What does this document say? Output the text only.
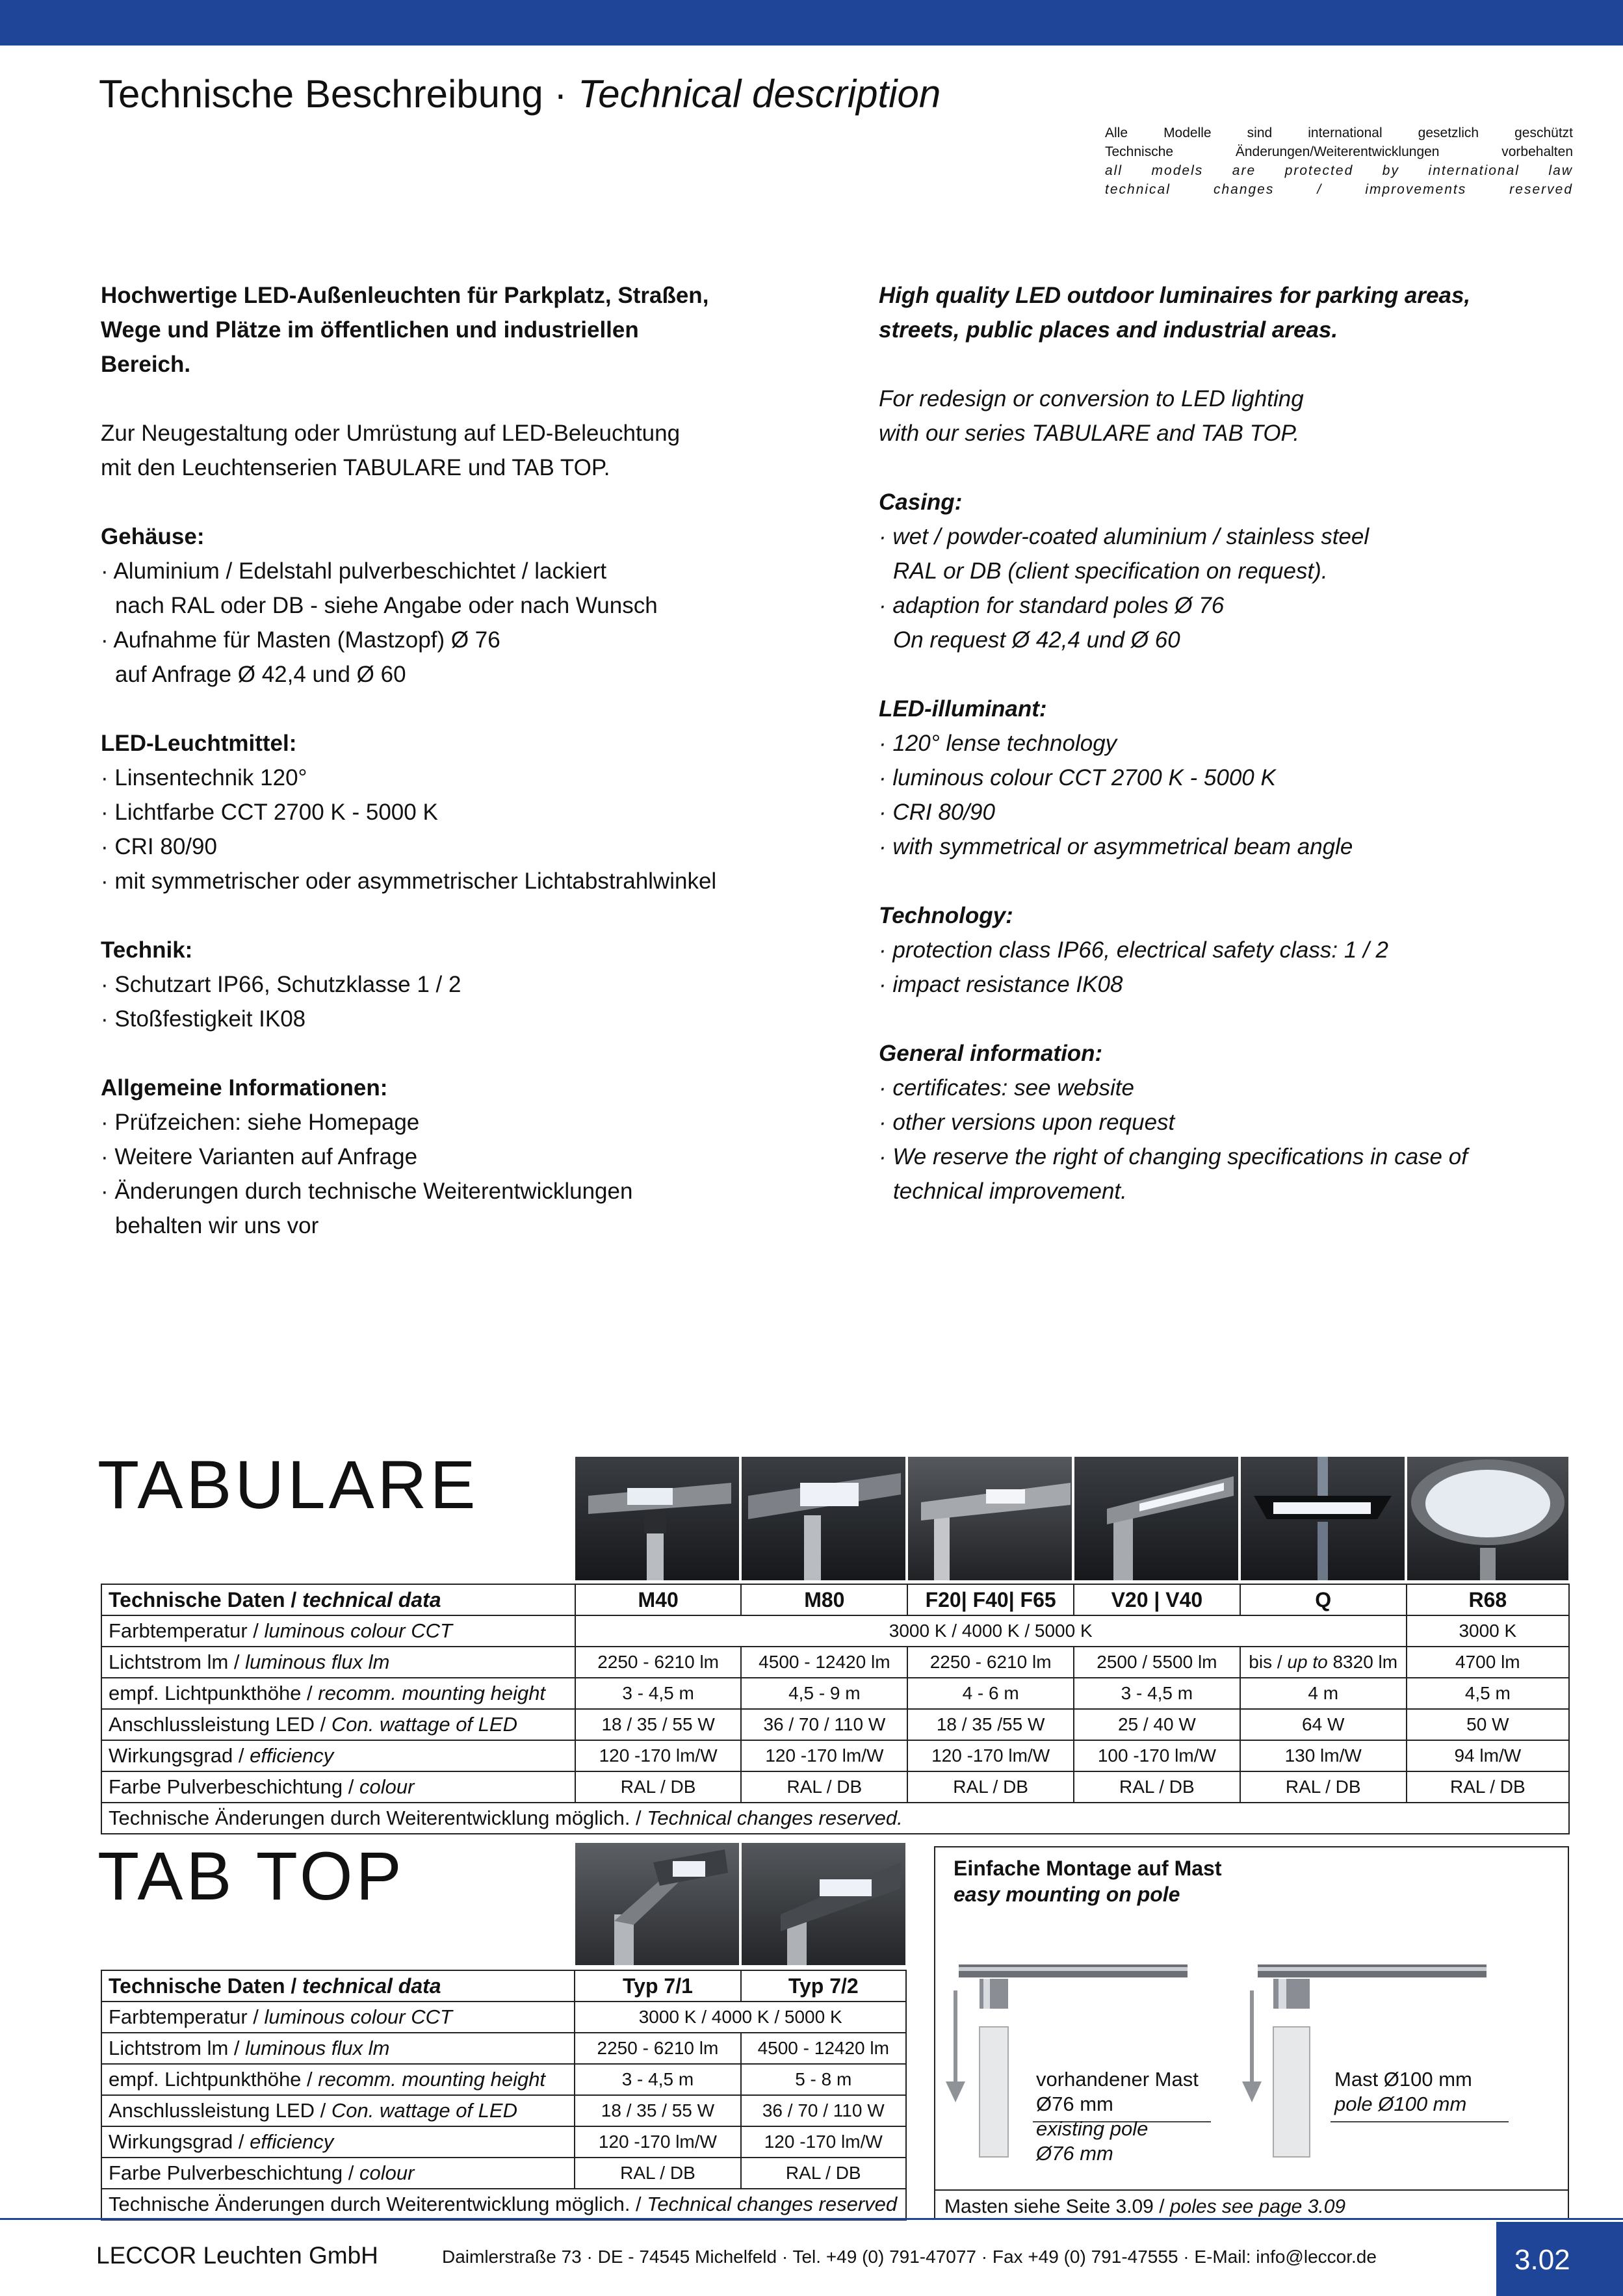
Technische Beschreibung · Technical description
Alle Modelle sind international gesetzlich geschützt
Technische Änderungen/Weiterentwicklungen vorbehalten
all models are protected by international law
technical changes / improvements reserved
Hochwertige LED-Außenleuchten für Parkplatz, Straßen,
Wege und Plätze im öffentlichen und industriellen
Bereich.
Zur Neugestaltung oder Umrüstung auf LED-Beleuchtung
mit den Leuchtenserien TABULARE und TAB TOP.
Gehäuse:
· Aluminium / Edelstahl pulverbeschichtet / lackiert
nach RAL oder DB - siehe Angabe oder nach Wunsch
· Aufnahme für Masten (Mastzopf) Ø 76
auf Anfrage Ø 42,4 und Ø 60
LED-Leuchtmittel:
· Linsentechnik 120°
· Lichtfarbe CCT 2700 K - 5000 K
· CRI 80/90
· mit symmetrischer oder asymmetrischer Lichtabstrahlwinkel
Technik:
· Schutzart IP66, Schutzklasse 1 / 2
· Stoßfestigkeit IK08
Allgemeine Informationen:
· Prüfzeichen: siehe Homepage
· Weitere Varianten auf Anfrage
· Änderungen durch technische Weiterentwicklungen
behalten wir uns vor
High quality LED outdoor luminaires for parking areas,
streets, public places and industrial areas.
For redesign or conversion to LED lighting
with our series TABULARE and TAB TOP.
Casing:
· wet / powder-coated aluminium / stainless steel
RAL or DB (client specification on request).
· adaption for standard poles Ø 76
On request Ø 42,4 und Ø 60
LED-illuminant:
· 120° lense technology
· luminous colour CCT 2700 K - 5000 K
· CRI 80/90
· with symmetrical or asymmetrical beam angle
Technology:
· protection class IP66, electrical safety class: 1 / 2
· impact resistance IK08
General information:
· certificates: see website
· other versions upon request
· We reserve the right of changing specifications in case of
technical improvement.
TABULARE
Technische Daten / technical data	M40	M80	F20| F40| F65	V20 | V40	Q	R68
Farbtemperatur / luminous colour CCT	3000 K / 4000 K / 5000 K					3000 K
Lichtstrom lm / luminous flux lm	2250 - 6210 lm	4500 - 12420 lm	2250 - 6210 lm	2500 / 5500 lm	bis / up to 8320 lm	4700 lm
empf. Lichtpunkthöhe / recomm. mounting height	3 - 4,5 m	4,5 - 9 m	4 - 6 m	3 - 4,5 m	4 m	4,5 m
Anschlussleistung LED / Con. wattage of LED	18 / 35 / 55 W	36 / 70 / 110 W	18 / 35 /55 W	25 / 40 W	64 W	50 W
Wirkungsgrad / efficiency	120 -170 lm/W	120 -170 lm/W	120 -170 lm/W	100 -170 lm/W	130 lm/W	94 lm/W
Farbe Pulverbeschichtung / colour	RAL / DB	RAL / DB	RAL / DB	RAL / DB	RAL / DB	RAL / DB
Technische Änderungen durch Weiterentwicklung möglich. / Technical changes reserved.						
TAB TOP
Technische Daten / technical data	Typ 7/1	Typ 7/2
Farbtemperatur / luminous colour CCT	3000 K / 4000 K / 5000 K	
Lichtstrom lm / luminous flux lm	2250 - 6210 lm	4500 - 12420 lm
empf. Lichtpunkthöhe / recomm. mounting height	3 - 4,5 m	5 - 8 m
Anschlussleistung LED / Con. wattage of LED	18 / 35 / 55 W	36 / 70 / 110 W
Wirkungsgrad / efficiency	120 -170 lm/W	120 -170 lm/W
Farbe Pulverbeschichtung / colour	RAL / DB	RAL / DB
Technische Änderungen durch Weiterentwicklung möglich. / Technical changes reserved		
Einfache Montage auf Mast
easy mounting on pole
vorhandener Mast
Ø76 mm
existing pole
Ø76 mm
Mast Ø100 mm
pole Ø100 mm
Masten siehe Seite 3.09 / poles see page 3.09
LECCOR Leuchten GmbH	Daimlerstraße 73 · DE - 74545 Michelfeld · Tel. +49 (0) 791-47077 · Fax +49 (0) 791-47555 · E-Mail: info@leccor.de	3.02
